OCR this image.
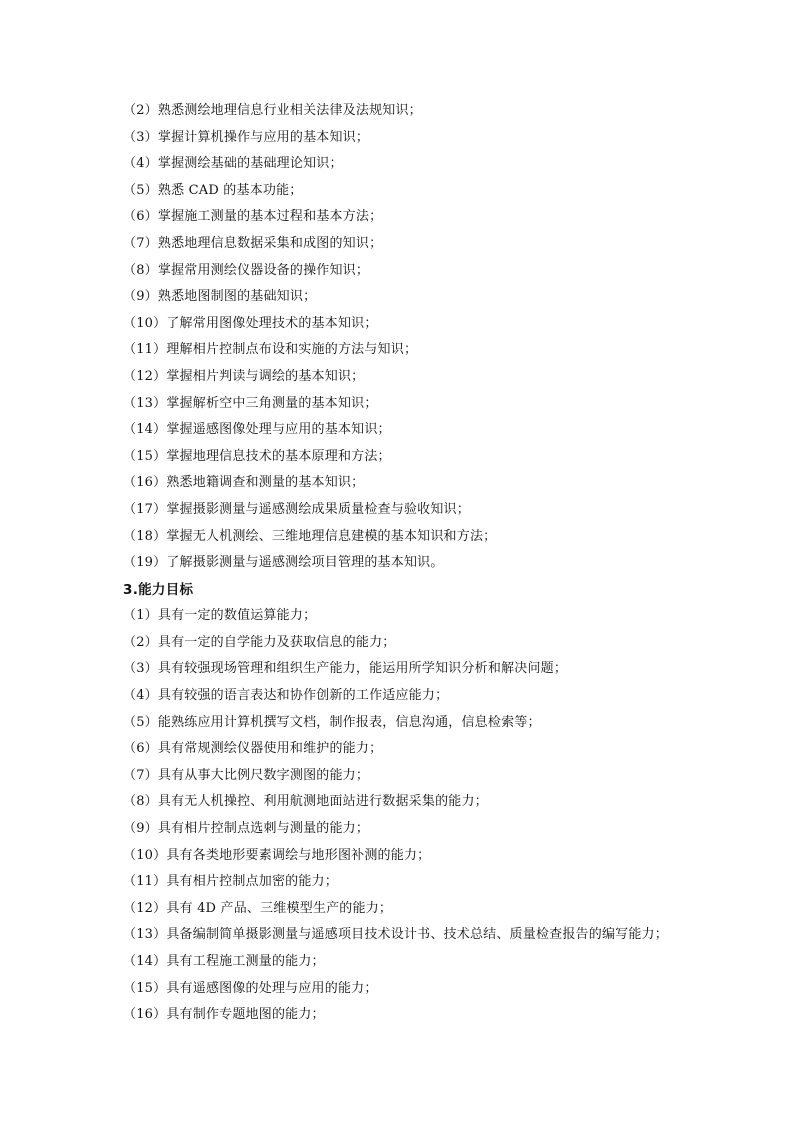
（2）熟悉测绘地理信息行业相关法律及法规知识；
（3）掌握计算机操作与应用的基本知识；
（4）掌握测绘基础的基础理论知识；
（5）熟悉 CAD 的基本功能；
（6）掌握施工测量的基本过程和基本方法；
（7）熟悉地理信息数据采集和成图的知识；
（8）掌握常用测绘仪器设备的操作知识；
（9）熟悉地图制图的基础知识；
（10）了解常用图像处理技术的基本知识；
（11）理解相片控制点布设和实施的方法与知识；
（12）掌握相片判读与调绘的基本知识；
（13）掌握解析空中三角测量的基本知识；
（14）掌握遥感图像处理与应用的基本知识；
（15）掌握地理信息技术的基本原理和方法；
（16）熟悉地籍调查和测量的基本知识；
（17）掌握摄影测量与遥感测绘成果质量检查与验收知识；
（18）掌握无人机测绘、三维地理信息建模的基本知识和方法；
（19）了解摄影测量与遥感测绘项目管理的基本知识。
3.能力目标
（1）具有一定的数值运算能力；
（2）具有一定的自学能力及获取信息的能力；
（3）具有较强现场管理和组织生产能力，能运用所学知识分析和解决问题；
（4）具有较强的语言表达和协作创新的工作适应能力；
（5）能熟练应用计算机撰写文档，制作报表，信息沟通，信息检索等；
（6）具有常规测绘仪器使用和维护的能力；
（7）具有从事大比例尺数字测图的能力；
（8）具有无人机操控、利用航测地面站进行数据采集的能力；
（9）具有相片控制点选刺与测量的能力；
（10）具有各类地形要素调绘与地形图补测的能力；
（11）具有相片控制点加密的能力；
（12）具有 4D 产品、三维模型生产的能力；
（13）具备编制简单摄影测量与遥感项目技术设计书、技术总结、质量检查报告的编写能力；
（14）具有工程施工测量的能力；
（15）具有遥感图像的处理与应用的能力；
（16）具有制作专题地图的能力；
